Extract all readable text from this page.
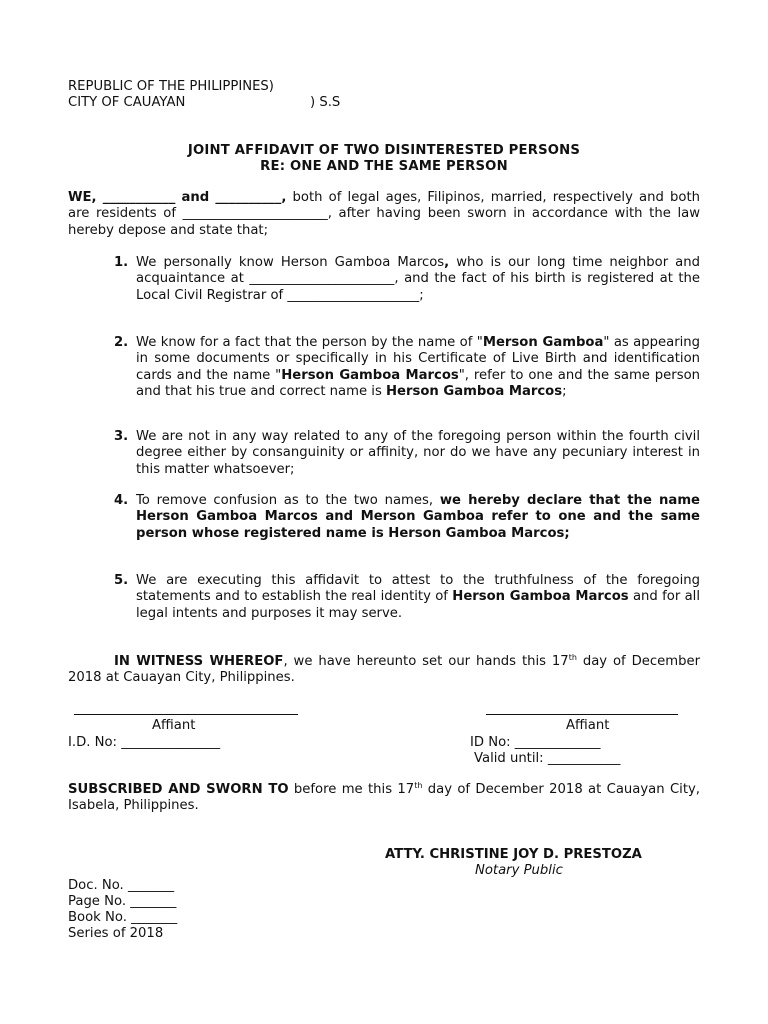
REPUBLIC OF THE PHILIPPINES)
CITY OF CAUAYAN	) S.S
JOINT AFFIDAVIT OF TWO DISINTERESTED PERSONS
RE: ONE AND THE SAME PERSON
WE, ___________ and __________, both of legal ages, Filipinos, married, respectively and both are residents of ______________________, after having been sworn in accordance with the law hereby depose and state that;
1. We personally know Herson Gamboa Marcos, who is our long time neighbor and acquaintance at ______________________, and the fact of his birth is registered at the Local Civil Registrar of ____________________;
2. We know for a fact that the person by the name of "Merson Gamboa" as appearing in some documents or specifically in his Certificate of Live Birth and identification cards and the name "Herson Gamboa Marcos", refer to one and the same person and that his true and correct name is Herson Gamboa Marcos;
3. We are not in any way related to any of the foregoing person within the fourth civil degree either by consanguinity or affinity, nor do we have any pecuniary interest in this matter whatsoever;
4. To remove confusion as to the two names, we hereby declare that the name Herson Gamboa Marcos and Merson Gamboa refer to one and the same person whose registered name is Herson Gamboa Marcos;
5. We are executing this affidavit to attest to the truthfulness of the foregoing statements and to establish the real identity of Herson Gamboa Marcos and for all legal intents and purposes it may serve.
IN WITNESS WHEREOF, we have hereunto set our hands this 17th day of December 2018 at Cauayan City, Philippines.
Affiant	Affiant
I.D. No: _______________	ID No: _____________
Valid until: ___________
SUBSCRIBED AND SWORN TO before me this 17th day of December 2018 at Cauayan City, Isabela, Philippines.
ATTY. CHRISTINE JOY D. PRESTOZA
Notary Public
Doc. No. _______
Page No. _______
Book No. _______
Series of 2018
